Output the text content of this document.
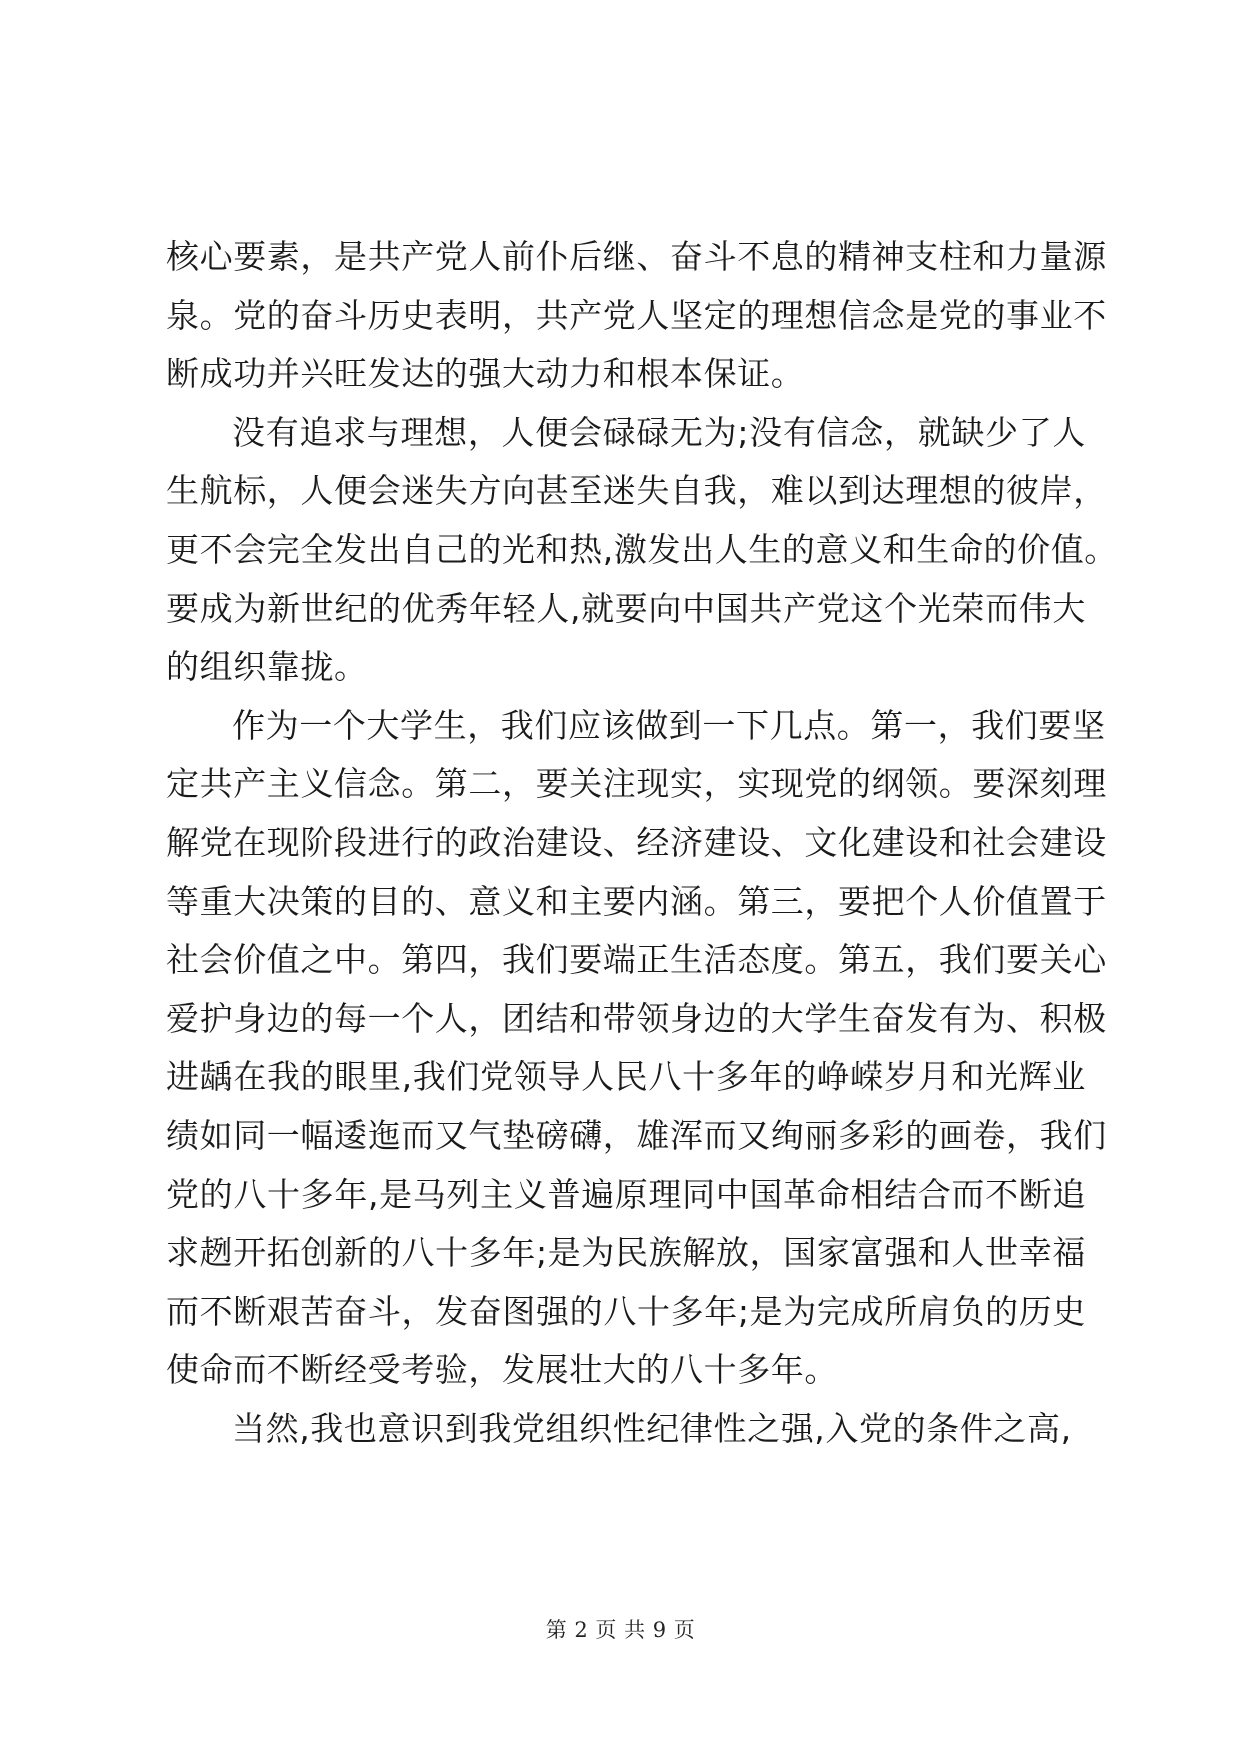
核心要素，是共产党人前仆后继、奋斗不息的精神支柱和力量源
泉。党的奋斗历史表明，共产党人坚定的理想信念是党的事业不
断成功并兴旺发达的强大动力和根本保证。
没有追求与理想，人便会碌碌无为;没有信念，就缺少了人
生航标，人便会迷失方向甚至迷失自我，难以到达理想的彼岸，
更不会完全发出自己的光和热,激发出人生的意义和生命的价值。
要成为新世纪的优秀年轻人,就要向中国共产党这个光荣而伟大
的组织靠拢。
作为一个大学生，我们应该做到一下几点。第一，我们要坚
定共产主义信念。第二，要关注现实，实现党的纲领。要深刻理
解党在现阶段进行的政治建设、经济建设、文化建设和社会建设
等重大决策的目的、意义和主要内涵。第三，要把个人价值置于
社会价值之中。第四，我们要端正生活态度。第五，我们要关心
爱护身边的每一个人，团结和带领身边的大学生奋发有为、积极
进龋在我的眼里,我们党领导人民八十多年的峥嵘岁月和光辉业
绩如同一幅逶迤而又气垫磅礴，雄浑而又绚丽多彩的画卷，我们
党的八十多年,是马列主义普遍原理同中国革命相结合而不断追
求趔开拓创新的八十多年;是为民族解放，国家富强和人世幸福
而不断艰苦奋斗，发奋图强的八十多年;是为完成所肩负的历史
使命而不断经受考验，发展壮大的八十多年。
当然,我也意识到我党组织性纪律性之强,入党的条件之高,
第 2 页 共 9 页
